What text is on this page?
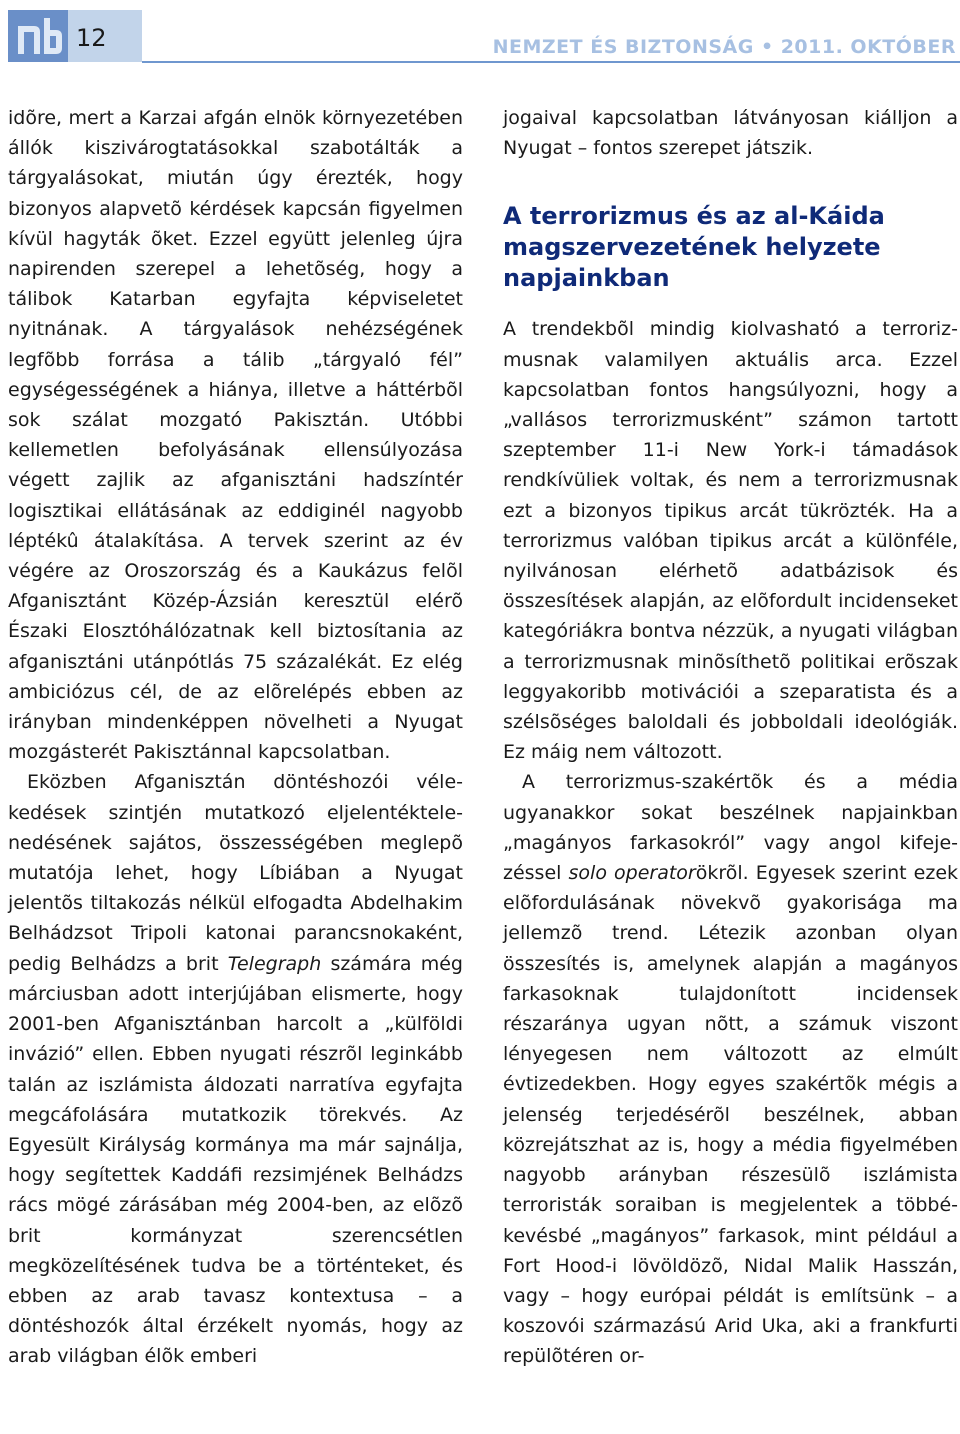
12	NEMZET ÉS BIZTONSÁG • 2011. OKTÓBER

idõre, mert a Karzai afgán elnök környezetében állók kiszivárogtatásokkal szabotálták a tárgyalásokat, miután úgy érezték, hogy bizonyos alapvetõ kérdések kapcsán figyelmen kívül hagyták õket. Ezzel együtt jelenleg újra napirenden szerepel a lehetõség, hogy a tálibok Katarban egyfajta képviseletet nyitnának. A tárgyalások nehézségének legfõbb forrása a tálib „tárgyaló fél” egységességének a hiánya, illetve a háttérbõl sok szálat mozgató Pakisztán. Utóbbi kellemetlen befolyásának ellensúlyozása végett zajlik az afganisztáni hadszíntér logisztikai ellátásának az eddiginél nagyobb léptékû átalakítása. A tervek szerint az év végére az Oroszország és a Kaukázus felõl Afganisztánt Közép-Ázsián keresztül elérõ Északi Elosztóhálózatnak kell biztosítania az afganisztáni utánpótlás 75 százalékát. Ez elég ambiciózus cél, de az elõrelépés ebben az irányban mindenképpen növelheti a Nyugat mozgásterét Pakisztánnal kapcsolatban.

Eközben Afganisztán döntéshozói vélekedések szintjén mutatkozó eljelentéktelenedésének sajátos, összességében meglepõ mutatója lehet, hogy Líbiában a Nyugat jelentõs tiltakozás nélkül elfogadta Abdelhakim Belhádzsot Tripoli katonai parancsnokaként, pedig Belhádzs a brit Telegraph számára még márciusban adott interjújában elismerte, hogy 2001-ben Afganisztánban harcolt a „külföldi invázió” ellen. Ebben nyugati részrõl leginkább talán az iszlámista áldozati narratíva egyfajta megcáfolására mutatkozik törekvés. Az Egyesült Királyság kormánya ma már sajnálja, hogy segítettek Kaddáfi rezsimjének Belhádzs rács mögé zárásában még 2004-ben, az elõzõ brit kormányzat szerencsétlen megközelítésének tudva be a történteket, és ebben az arab tavasz kontextusa – a döntéshozók által érzékelt nyomás, hogy az arab világban élõk emberi

jogaival kapcsolatban látványosan kiálljon a Nyugat – fontos szerepet játszik.

A terrorizmus és az al-Káida magszervezetének helyzete napjainkban

A trendekbõl mindig kiolvasható a terrorizmusnak valamilyen aktuális arca. Ezzel kapcsolatban fontos hangsúlyozni, hogy a „vallásos terrorizmusként” számon tartott szeptember 11-i New York-i támadások rendkívüliek voltak, és nem a terrorizmusnak ezt a bizonyos tipikus arcát tükrözték. Ha a terrorizmus valóban tipikus arcát a különféle, nyilvánosan elérhetõ adatbázisok és összesítések alapján, az elõfordult incidenseket kategóriákra bontva nézzük, a nyugati világban a terrorizmusnak minõsíthetõ politikai erõszak leggyakoribb motivációi a szeparatista és a szélsõséges baloldali és jobboldali ideológiák. Ez máig nem változott.

A terrorizmus-szakértõk és a média ugyanakkor sokat beszélnek napjainkban „magányos farkasokról” vagy angol kifejezéssel solo operatorökrõl. Egyesek szerint ezek elõfordulásának növekvõ gyakorisága ma jellemzõ trend. Létezik azonban olyan összesítés is, amelynek alapján a magányos farkasoknak tulajdonított incidensek részaránya ugyan nõtt, a számuk viszont lényegesen nem változott az elmúlt évtizedekben. Hogy egyes szakértõk mégis a jelenség terjedésérõl beszélnek, abban közrejátszhat az is, hogy a média figyelmében nagyobb arányban részesülõ iszlámista terroristák soraiban is megjelentek a többé-kevésbé „magányos” farkasok, mint például a Fort Hood-i lövöldözõ, Nidal Malik Hasszán, vagy – hogy európai példát is említsünk – a koszovói származású Arid Uka, aki a frankfurti repülõtéren or-
